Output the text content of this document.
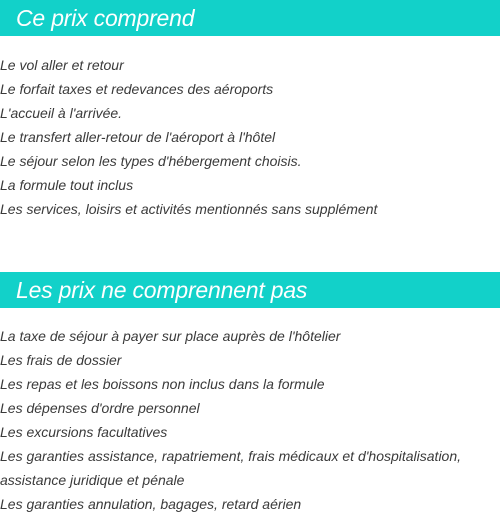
Ce prix comprend
Le vol aller et retour
Le forfait taxes et redevances des aéroports
L'accueil à l'arrivée.
Le transfert aller-retour de l'aéroport à l'hôtel
Le séjour selon les types d'hébergement choisis.
La formule tout inclus
Les services, loisirs et activités mentionnés sans supplément
Les prix ne comprennent pas
La taxe de séjour à payer sur place auprès de l'hôtelier
Les frais de dossier
Les repas et les boissons non inclus dans la formule
Les dépenses d'ordre personnel
Les excursions facultatives
Les garanties assistance, rapatriement, frais médicaux et d'hospitalisation, assistance juridique et pénale
Les garanties annulation, bagages, retard aérien
